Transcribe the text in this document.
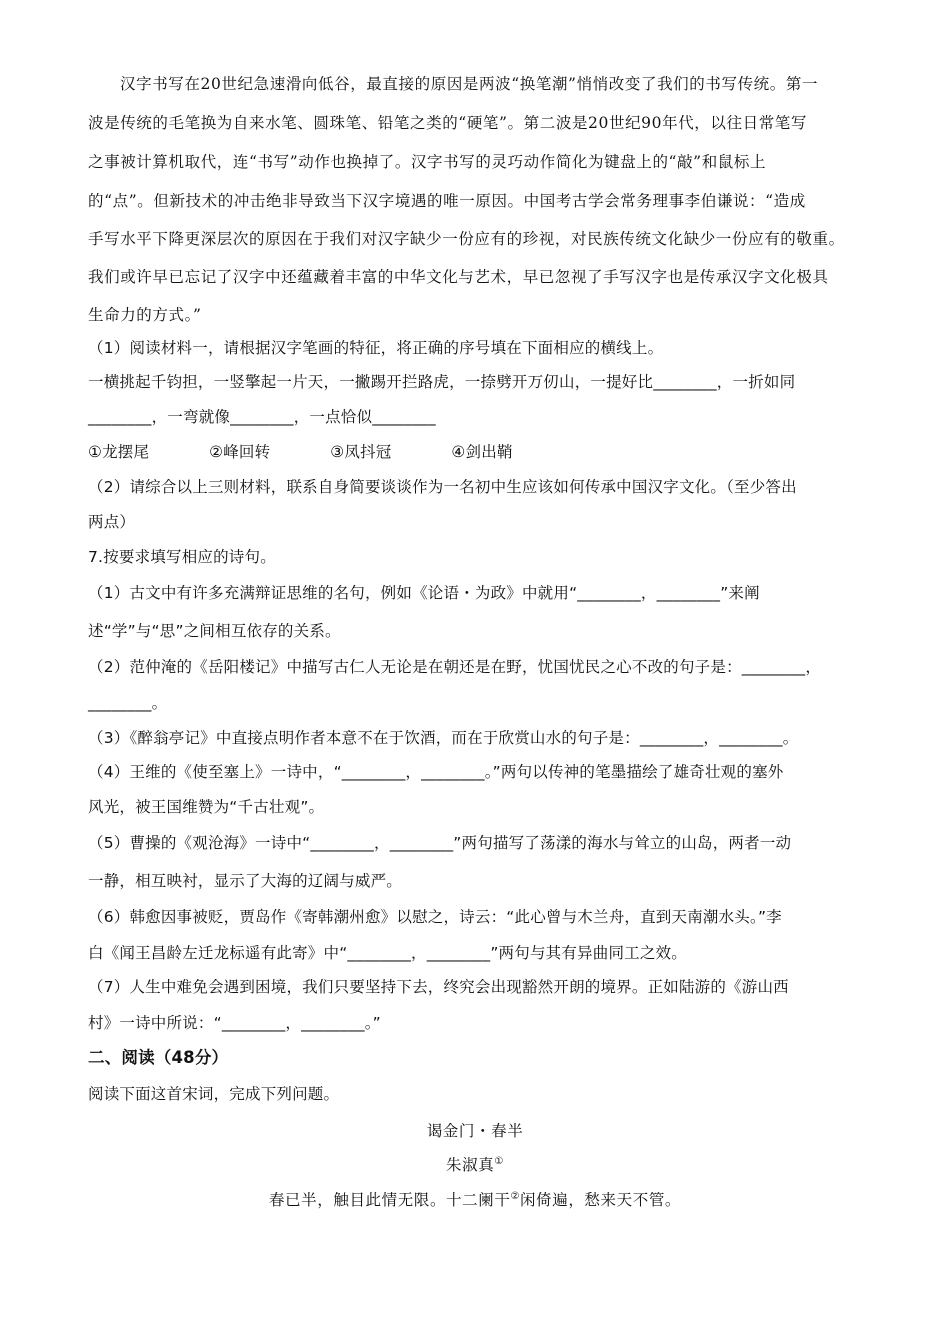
汉字书写在20世纪急速滑向低谷，最直接的原因是两波“换笔潮”悄悄改变了我们的书写传统。第一
波是传统的毛笔换为自来水笔、圆珠笔、铅笔之类的“硬笔”。第二波是20世纪90年代，以往日常笔写
之事被计算机取代，连“书写”动作也换掉了。汉字书写的灵巧动作简化为键盘上的“敲”和鼠标上
的“点”。但新技术的冲击绝非导致当下汉字境遇的唯一原因。中国考古学会常务理事李伯谦说：“造成
手写水平下降更深层次的原因在于我们对汉字缺少一份应有的珍视，对民族传统文化缺少一份应有的敬重。
我们或许早已忘记了汉字中还蕴藏着丰富的中华文化与艺术，早已忽视了手写汉字也是传承汉字文化极具
生命力的方式。”
（1）阅读材料一，请根据汉字笔画的特征，将正确的序号填在下面相应的横线上。
一横挑起千钧担，一竖擎起一片天，一撇踢开拦路虎，一捺劈开万仞山，一提好比________，一折如同
________，一弯就像________，一点恰似________
①龙摆尾	②峰回转	③凤抖冠	④剑出鞘
（2）请综合以上三则材料，联系自身简要谈谈作为一名初中生应该如何传承中国汉字文化。（至少答出
两点）
7.按要求填写相应的诗句。
（1）古文中有许多充满辩证思维的名句，例如《论语・为政》中就用“________，________”来阐
述“学”与“思”之间相互依存的关系。
（2）范仲淹的《岳阳楼记》中描写古仁人无论是在朝还是在野，忧国忧民之心不改的句子是：________，
________。
（3）《醉翁亭记》中直接点明作者本意不在于饮酒，而在于欣赏山水的句子是：________，________。
（4）王维的《使至塞上》一诗中，“________，________。”两句以传神的笔墨描绘了雄奇壮观的塞外
风光，被王国维赞为“千古壮观”。
（5）曹操的《观沧海》一诗中“________，________”两句描写了荡漾的海水与耸立的山岛，两者一动
一静，相互映衬，显示了大海的辽阔与威严。
（6）韩愈因事被贬，贾岛作《寄韩潮州愈》以慰之，诗云：“此心曾与木兰舟，直到天南潮水头。”李
白《闻王昌龄左迁龙标遥有此寄》中“________，________”两句与其有异曲同工之效。
（7）人生中难免会遇到困境，我们只要坚持下去，终究会出现豁然开朗的境界。正如陆游的《游山西
村》一诗中所说：“________，________。”
二、阅读（48分）
阅读下面这首宋词，完成下列问题。
谒金门・春半
朱淑真①
春已半，触目此情无限。十二阑干②闲倚遍，愁来天不管。
